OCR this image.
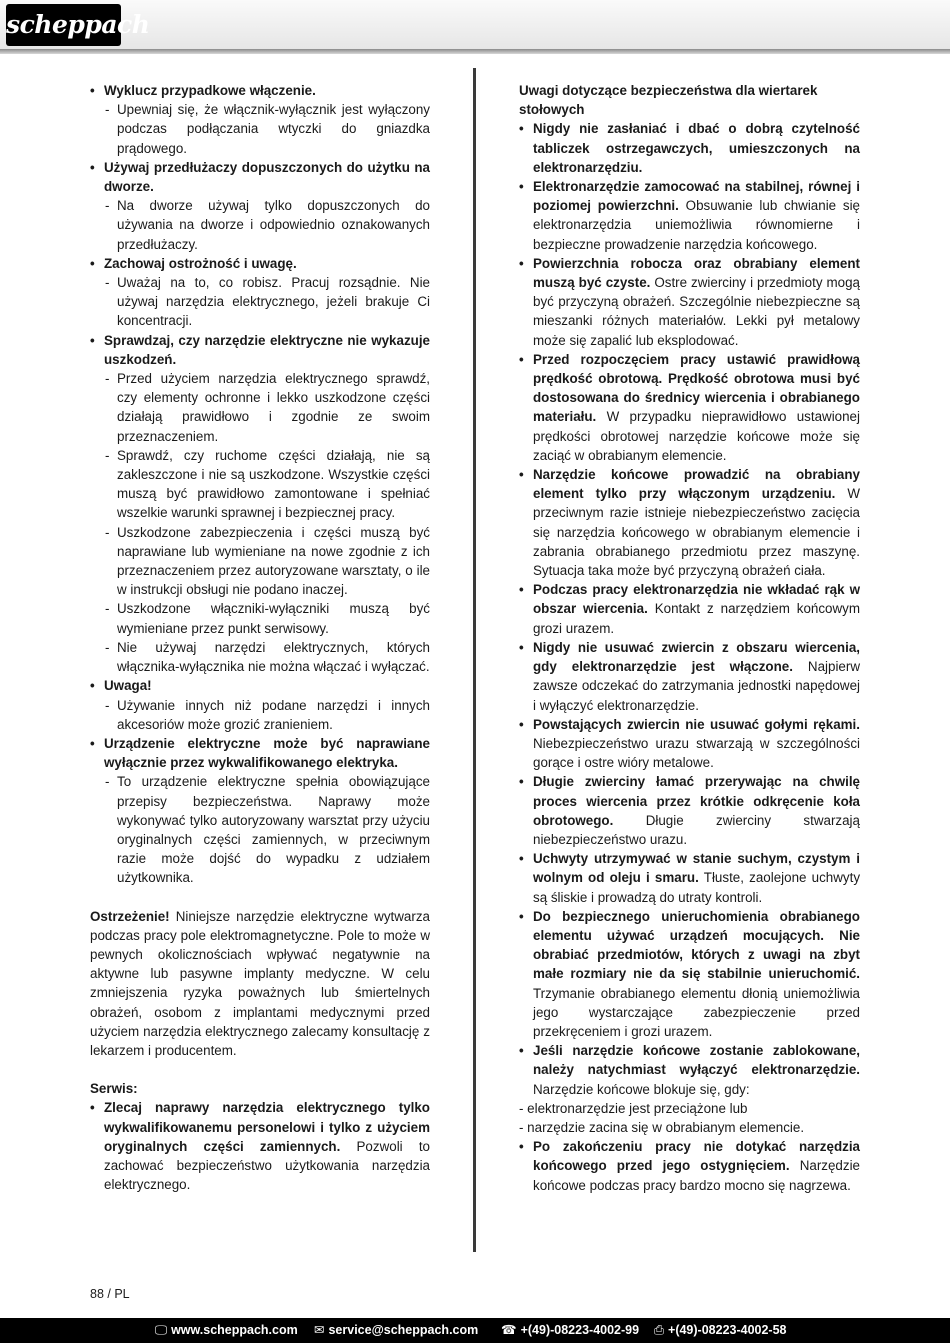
scheppach
• Wyklucz przypadkowe włączenie.
- Upewniaj się, że włącznik-wyłącznik jest wyłączony podczas podłączania wtyczki do gniazdka prądowego.
• Używaj przedłużaczy dopuszczonych do użytku na dworze.
- Na dworze używaj tylko dopuszczonych do używania na dworze i odpowiednio oznakowanych przedłużaczy.
• Zachowaj ostrożność i uwagę.
- Uważaj na to, co robisz. Pracuj rozsądnie. Nie używaj narzędzia elektrycznego, jeżeli brakuje Ci koncentracji.
• Sprawdzaj, czy narzędzie elektryczne nie wykazuje uszkodzeń.
- Przed użyciem narzędzia elektrycznego sprawdź, czy elementy ochronne i lekko uszkodzone części działają prawidłowo i zgodnie ze swoim przeznaczeniem.
- Sprawdź, czy ruchome części działają, nie są zakleszczone i nie są uszkodzone. Wszystkie części muszą być prawidłowo zamontowane i spełniać wszelkie warunki sprawnej i bezpiecznej pracy.
- Uszkodzone zabezpieczenia i części muszą być naprawiane lub wymieniane na nowe zgodnie z ich przeznaczeniem przez autoryzowane warsztaty, o ile w instrukcji obsługi nie podano inaczej.
- Uszkodzone włączniki-wyłączniki muszą być wymieniane przez punkt serwisowy.
- Nie używaj narzędzi elektrycznych, których włącznika-wyłącznika nie można włączać i wyłączać.
• Uwaga!
- Używanie innych niż podane narzędzi i innych akcesoriów może grozić zranieniem.
• Urządzenie elektryczne może być naprawiane wyłącznie przez wykwalifikowanego elektryka.
- To urządzenie elektryczne spełnia obowiązujące przepisy bezpieczeństwa. Naprawy może wykonywać tylko autoryzowany warsztat przy użyciu oryginalnych części zamiennych, w przeciwnym razie może dojść do wypadku z udziałem użytkownika.

Ostrzeżenie! Niniejsze narzędzie elektryczne wytwarza podczas pracy pole elektromagnetyczne. Pole to może w pewnych okolicznościach wpływać negatywnie na aktywne lub pasywne implanty medyczne. W celu zmniejszenia ryzyka poważnych lub śmiertelnych obrażeń, osobom z implantami medycznymi przed użyciem narzędzia elektrycznego zalecamy konsultację z lekarzem i producentem.

Serwis:

• Zlecaj naprawy narzędzia elektrycznego tylko wykwalifikowanemu personelowi i tylko z użyciem oryginalnych części zamiennych. Pozwoli to zachować bezpieczeństwo użytkowania narzędzia elektrycznego.

Uwagi dotyczące bezpieczeństwa dla wiertarek stołowych

• Nigdy nie zasłaniać i dbać o dobrą czytelność tabliczek ostrzegawczych, umieszczonych na elektronarzędziu.
• Elektronarzędzie zamocować na stabilnej, równej i poziomej powierzchni. Obsuwanie lub chwianie się elektronarzędzia uniemożliwia równomierne i bezpieczne prowadzenie narzędzia końcowego.
• Powierzchnia robocza oraz obrabiany element muszą być czyste. Ostre zwierciny i przedmioty mogą być przyczyną obrażeń. Szczególnie niebezpieczne są mieszanki różnych materiałów. Lekki pył metalowy może się zapalić lub eksplodować.
• Przed rozpoczęciem pracy ustawić prawidłową prędkość obrotową. Prędkość obrotowa musi być dostosowana do średnicy wiercenia i obrabianego materiału. W przypadku nieprawidłowo ustawionej prędkości obrotowej narzędzie końcowe może się zaciąć w obrabianym elemencie.
• Narzędzie końcowe prowadzić na obrabiany element tylko przy włączonym urządzeniu. W przeciwnym razie istnieje niebezpieczeństwo zacięcia się narzędzia końcowego w obrabianym elemencie i zabrania obrabianego przedmiotu przez maszynę. Sytuacja taka może być przyczyną obrażeń ciała.
• Podczas pracy elektronarzędzia nie wkładać rąk w obszar wiercenia. Kontakt z narzędziem końcowym grozi urazem.
• Nigdy nie usuwać zwiercin z obszaru wiercenia, gdy elektronarzędzie jest włączone. Najpierw zawsze odczekać do zatrzymania jednostki napędowej i wyłączyć elektronarzędzie.
• Powstających zwiercin nie usuwać gołymi rękami. Niebezpieczeństwo urazu stwarzają w szczególności gorące i ostre wióry metalowe.
• Długie zwierciny łamać przerywając na chwilę proces wiercenia przez krótkie odkręcenie koła obrotowego. Długie zwierciny stwarzają niebezpieczeństwo urazu.
• Uchwyty utrzymywać w stanie suchym, czystym i wolnym od oleju i smaru. Tłuste, zaolejone uchwyty są śliskie i prowadzą do utraty kontroli.
• Do bezpiecznego unieruchomienia obrabianego elementu używać urządzeń mocujących. Nie obrabiać przedmiotów, których z uwagi na zbyt małe rozmiary nie da się stabilnie unieruchomić. Trzymanie obrabianego elementu dłonią uniemożliwia jego wystarczające zabezpieczenie przed przekręceniem i grozi urazem.
• Jeśli narzędzie końcowe zostanie zablokowane, należy natychmiast wyłączyć elektronarzędzie. Narzędzie końcowe blokuje się, gdy:
- elektronarzędzie jest przeciążone lub
- narzędzie zacina się w obrabianym elemencie.
• Po zakończeniu pracy nie dotykać narzędzia końcowego przed jego ostygnięciem. Narzędzie końcowe podczas pracy bardzo mocno się nagrzewa.
88 / PL
🖵 www.scheppach.com ✉ service@scheppach.com ☎ +(49)-08223-4002-99 ⎙ +(49)-08223-4002-58
